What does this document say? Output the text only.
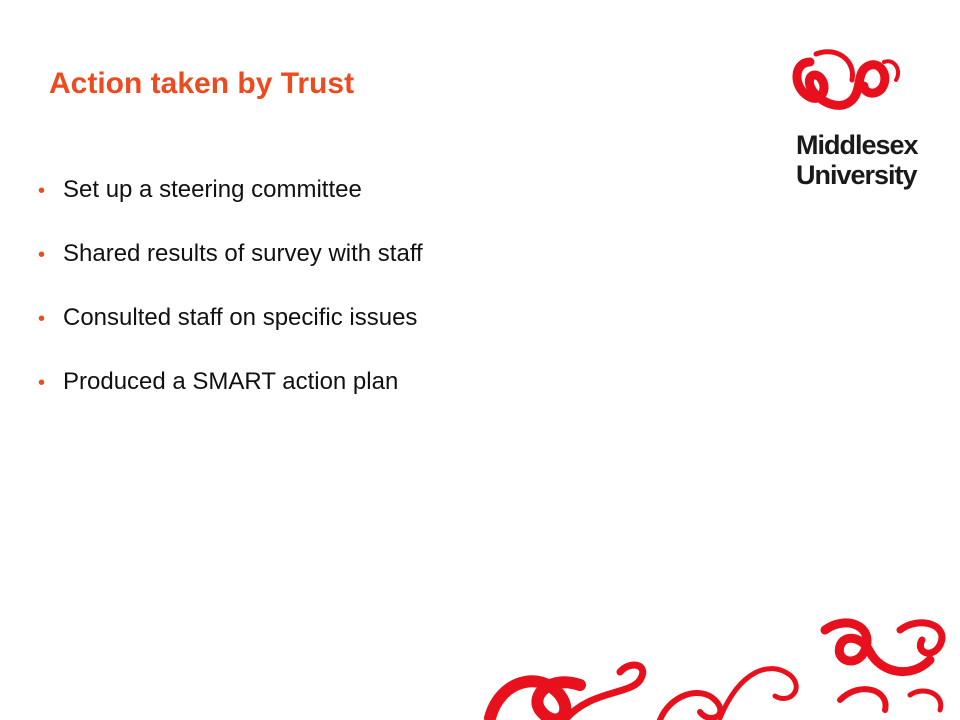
Action taken by Trust
• Set up a steering committee
• Shared results of survey with staff
• Consulted staff on specific issues
• Produced a SMART action plan
Middlesex
University
